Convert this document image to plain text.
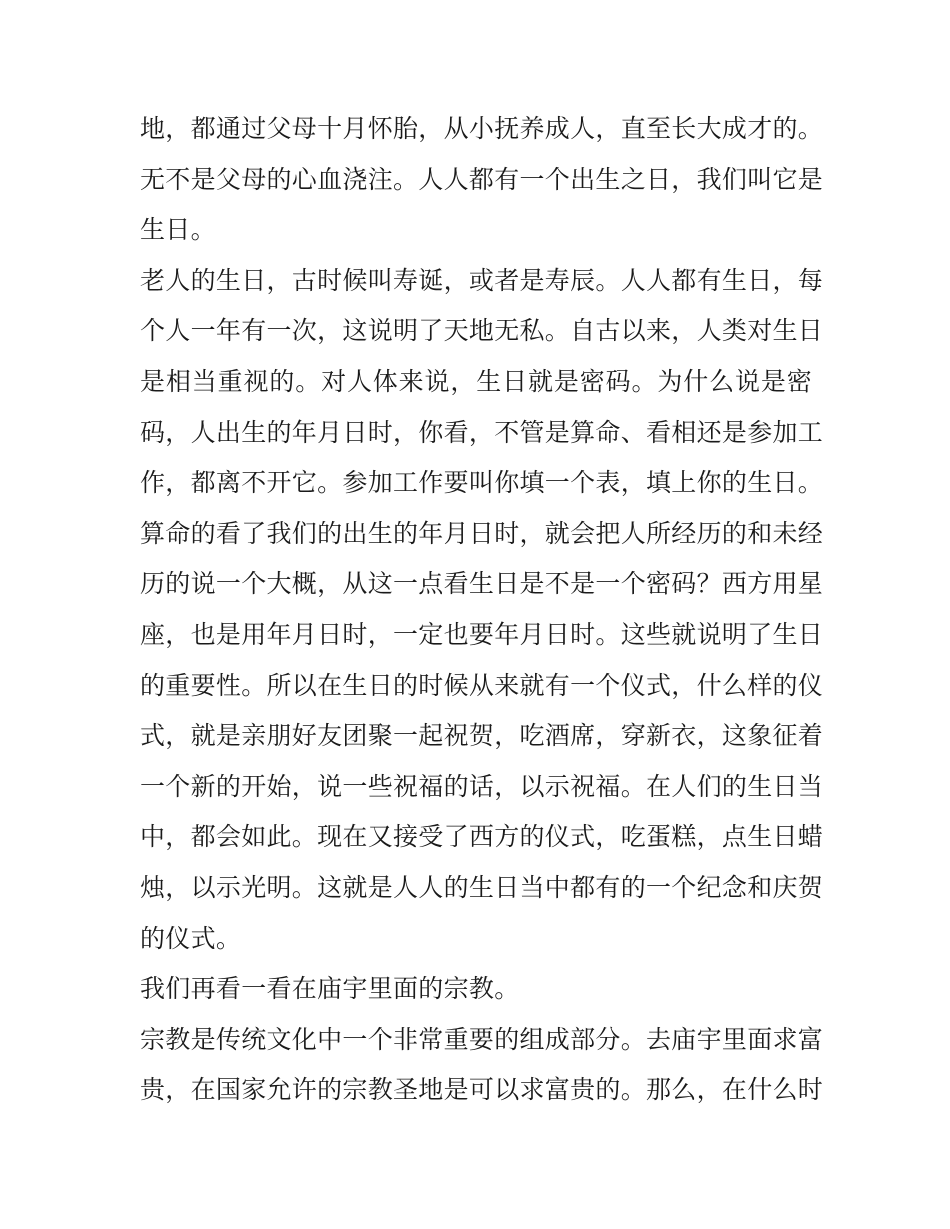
地，都通过父母十月怀胎，从小抚养成人，直至长大成才的。
无不是父母的心血浇注。人人都有一个出生之日，我们叫它是
生日。

老人的生日，古时候叫寿诞，或者是寿辰。人人都有生日，每
个人一年有一次，这说明了天地无私。自古以来，人类对生日
是相当重视的。对人体来说，生日就是密码。为什么说是密
码，人出生的年月日时，你看，不管是算命、看相还是参加工
作，都离不开它。参加工作要叫你填一个表，填上你的生日。
算命的看了我们的出生的年月日时，就会把人所经历的和未经
历的说一个大概，从这一点看生日是不是一个密码？西方用星
座，也是用年月日时，一定也要年月日时。这些就说明了生日
的重要性。所以在生日的时候从来就有一个仪式，什么样的仪
式，就是亲朋好友团聚一起祝贺，吃酒席，穿新衣，这象征着
一个新的开始，说一些祝福的话，以示祝福。在人们的生日当
中，都会如此。现在又接受了西方的仪式，吃蛋糕，点生日蜡
烛，以示光明。这就是人人的生日当中都有的一个纪念和庆贺
的仪式。

我们再看一看在庙宇里面的宗教。

宗教是传统文化中一个非常重要的组成部分。去庙宇里面求富
贵，在国家允许的宗教圣地是可以求富贵的。那么，在什么时
